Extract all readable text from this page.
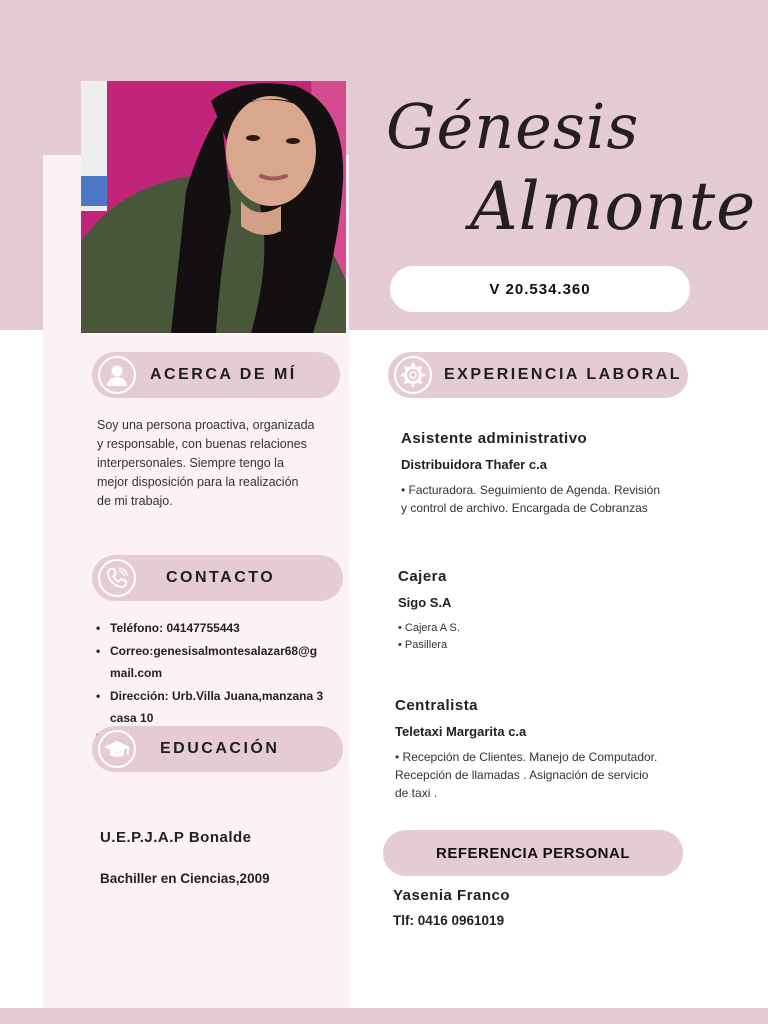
Génesis
Almonte
V 20.534.360
ACERCA DE MÍ
Soy una persona proactiva, organizada
y responsable, con buenas relaciones
interpersonales. Siempre tengo la
mejor disposición para la realización
de mi trabajo.
CONTACTO
• Teléfono: 04147755443
• Correo:genesisalmontesalazar68@g
mail.com
• Dirección: Urb.Villa Juana,manzana 3
casa 10
•
EDUCACIÓN
U.E.P.J.A.P Bonalde
Bachiller en Ciencias,2009
EXPERIENCIA LABORAL
Asistente administrativo
Distribuidora Thafer c.a
• Facturadora. Seguimiento de Agenda. Revisión
y control de archivo. Encargada de Cobranzas
Cajera
Sigo S.A
• Cajera A S.
• Pasillera
Centralista
Teletaxi Margarita c.a
• Recepción de Clientes. Manejo de Computador.
Recepción de llamadas . Asignación de servicio
de taxi .
REFERENCIA PERSONAL
Yasenia Franco
Tlf: 0416 0961019
